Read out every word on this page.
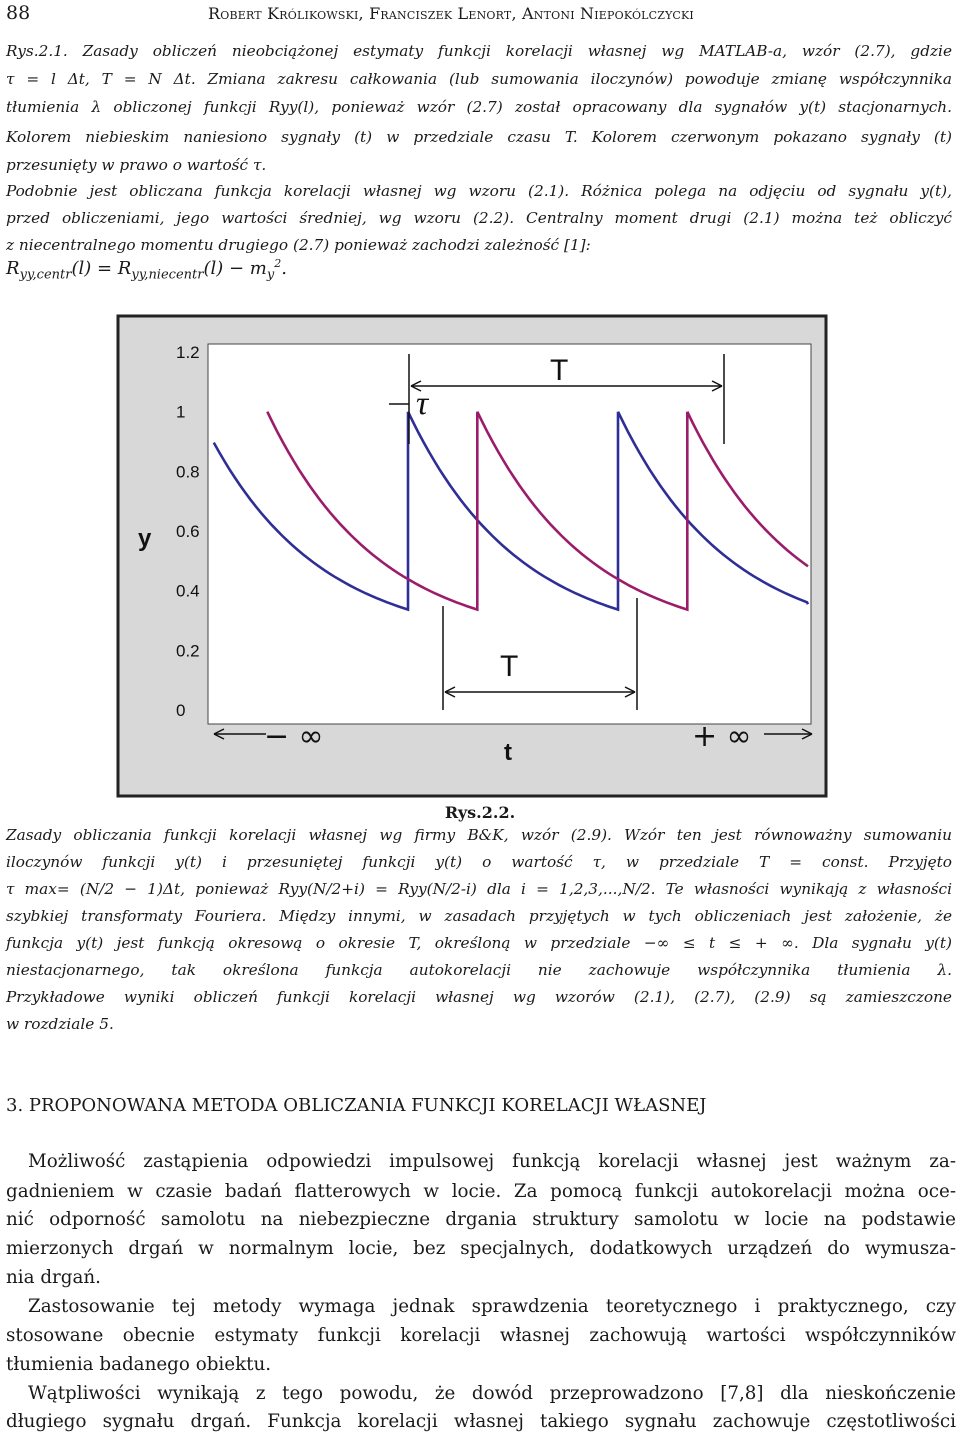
88	Robert Królikowski, Franciszek Lenort, Antoni Niepokólczycki
Rys.2.1. Zasady obliczeń nieobciążonej estymaty funkcji korelacji własnej wg MATLAB-a, wzór (2.7), gdzie
τ = l Δt, T = N Δt. Zmiana zakresu całkowania (lub sumowania iloczynów) powoduje zmianę współczynnika
tłumienia λ obliczonej funkcji Ryy(l), ponieważ wzór (2.7) został opracowany dla sygnałów y(t) stacjonarnych.
Kolorem niebieskim naniesiono sygnały (t) w przedziale czasu T. Kolorem czerwonym pokazano sygnały (t)
przesunięty w prawo o wartość τ.
Podobnie jest obliczana funkcja korelacji własnej wg wzoru (2.1). Różnica polega na odjęciu od sygnału y(t),
przed obliczeniami, jego wartości średniej, wg wzoru (2.2). Centralny moment drugi (2.1) można też obliczyć
z niecentralnego momentu drugiego (2.7) ponieważ zachodzi zależność [1]:
$R_{yy,centr}(l) = R_{yy,niecentr}(l) - m_y^2$.
1.2
1
0.8
0.6
0.4
0.2
0
T
τ
T
− ∞	+ ∞
y
t
Rys.2.2.
Zasady obliczania funkcji korelacji własnej wg firmy B&K, wzór (2.9). Wzór ten jest równoważny sumowaniu
iloczynów funkcji y(t) i przesuniętej funkcji y(t) o wartość τ, w przedziale T = const. Przyjęto
τ max= (N/2 − 1)Δt, ponieważ Ryy(N/2+i) = Ryy(N/2-i) dla i = 1,2,3,...,N/2. Te własności wynikają z własności
szybkiej transformaty Fouriera. Między innymi, w zasadach przyjętych w tych obliczeniach jest założenie, że
funkcja y(t) jest funkcją okresową o okresie T, określoną w przedziale −∞ ≤ t ≤ + ∞. Dla sygnału y(t)
niestacjonarnego, tak określona funkcja autokorelacji nie zachowuje współczynnika tłumienia λ.
Przykładowe wyniki obliczeń funkcji korelacji własnej wg wzorów (2.1), (2.7), (2.9) są zamieszczone
w rozdziale 5.
3. PROPONOWANA METODA OBLICZANIA FUNKCJI KORELACJI WŁASNEJ
Możliwość zastąpienia odpowiedzi impulsowej funkcją korelacji własnej jest ważnym za-
gadnieniem w czasie badań flatterowych w locie. Za pomocą funkcji autokorelacji można oce-
nić odporność samolotu na niebezpieczne drgania struktury samolotu w locie na podstawie
mierzonych drgań w normalnym locie, bez specjalnych, dodatkowych urządzeń do wymusza-
nia drgań.
Zastosowanie tej metody wymaga jednak sprawdzenia teoretycznego i praktycznego, czy
stosowane obecnie estymaty funkcji korelacji własnej zachowują wartości współczynników
tłumienia badanego obiektu.
Wątpliwości wynikają z tego powodu, że dowód przeprowadzono [7,8] dla nieskończenie
długiego sygnału drgań. Funkcja korelacji własnej takiego sygnału zachowuje częstotliwości
